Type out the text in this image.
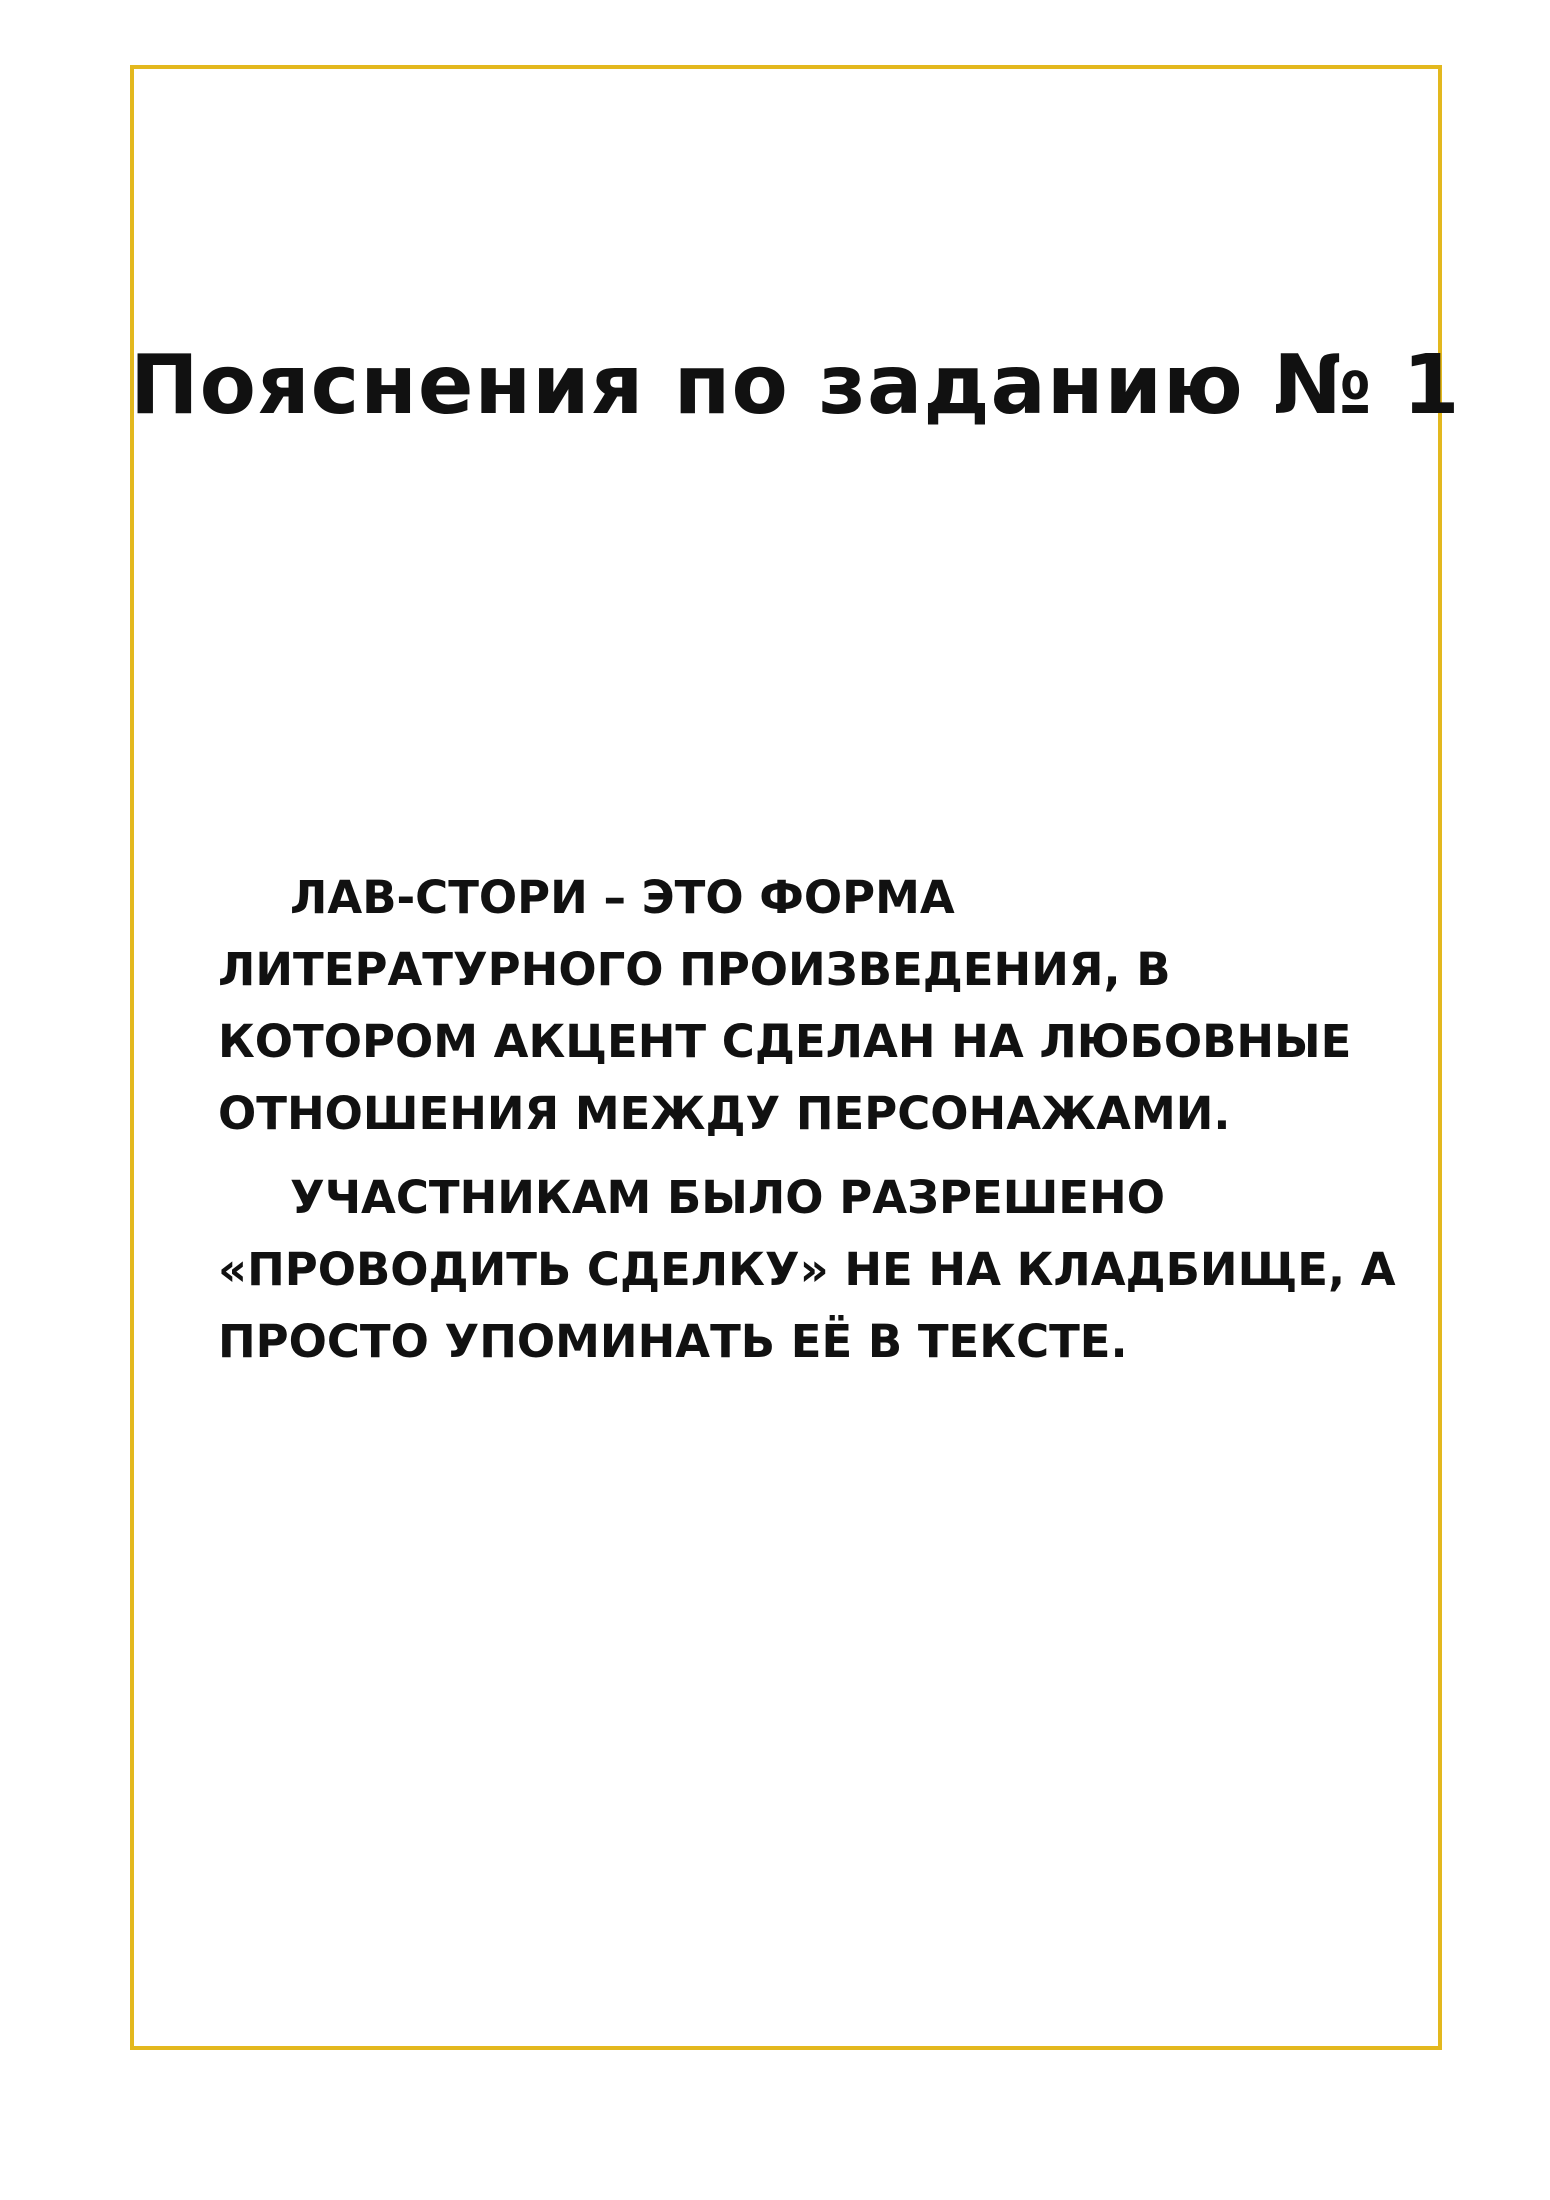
Пояснения по заданию № 1

ЛАВ-СТОРИ – ЭТО ФОРМА ЛИТЕРАТУРНОГО ПРОИЗВЕДЕНИЯ, В КОТОРОМ АКЦЕНТ СДЕЛАН НА ЛЮБОВНЫЕ ОТНОШЕНИЯ МЕЖДУ ПЕРСОНАЖАМИ.

УЧАСТНИКАМ БЫЛО РАЗРЕШЕНО «ПРОВОДИТЬ СДЕЛКУ» НЕ НА КЛАДБИЩЕ, А ПРОСТО УПОМИНАТЬ ЕЁ В ТЕКСТЕ.
